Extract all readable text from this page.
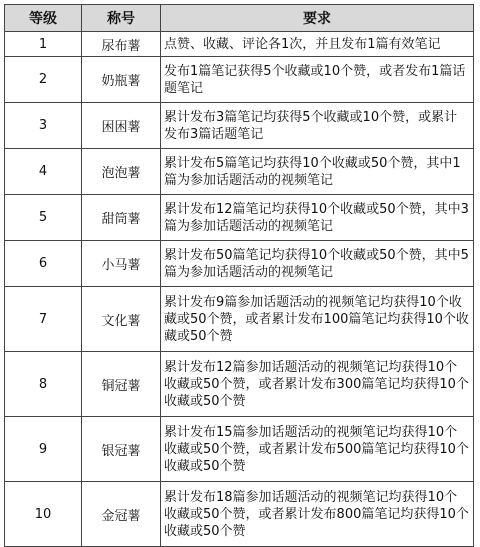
等级	称号	要求
1	尿布薯	点赞、收藏、评论各1次，并且发布1篇有效笔记
2	奶瓶薯	发布1篇笔记获得5个收藏或10个赞，或者发布1篇话题笔记
3	困困薯	累计发布3篇笔记均获得5个收藏或10个赞，或累计发布3篇话题笔记
4	泡泡薯	累计发布5篇笔记均获得10个收藏或50个赞，其中1篇为参加话题活动的视频笔记
5	甜筒薯	累计发布12篇笔记均获得10个收藏或50个赞，其中3篇为参加话题活动的视频笔记
6	小马薯	累计发布50篇笔记均获得10个收藏或50个赞，其中5篇为参加话题活动的视频笔记
7	文化薯	累计发布9篇参加话题活动的视频笔记均获得10个收藏或50个赞，或者累计发布100篇笔记均获得10个收藏或50个赞
8	铜冠薯	累计发布12篇参加话题活动的视频笔记均获得10个收藏或50个赞，或者累计发布300篇笔记均获得10个收藏或50个赞
9	银冠薯	累计发布15篇参加话题活动的视频笔记均获得10个收藏或50个赞，或者累计发布500篇笔记均获得10个收藏或50个赞
10	金冠薯	累计发布18篇参加话题活动的视频笔记均获得10个收藏或50个赞，或者累计发布800篇笔记均获得10个收藏或50个赞
